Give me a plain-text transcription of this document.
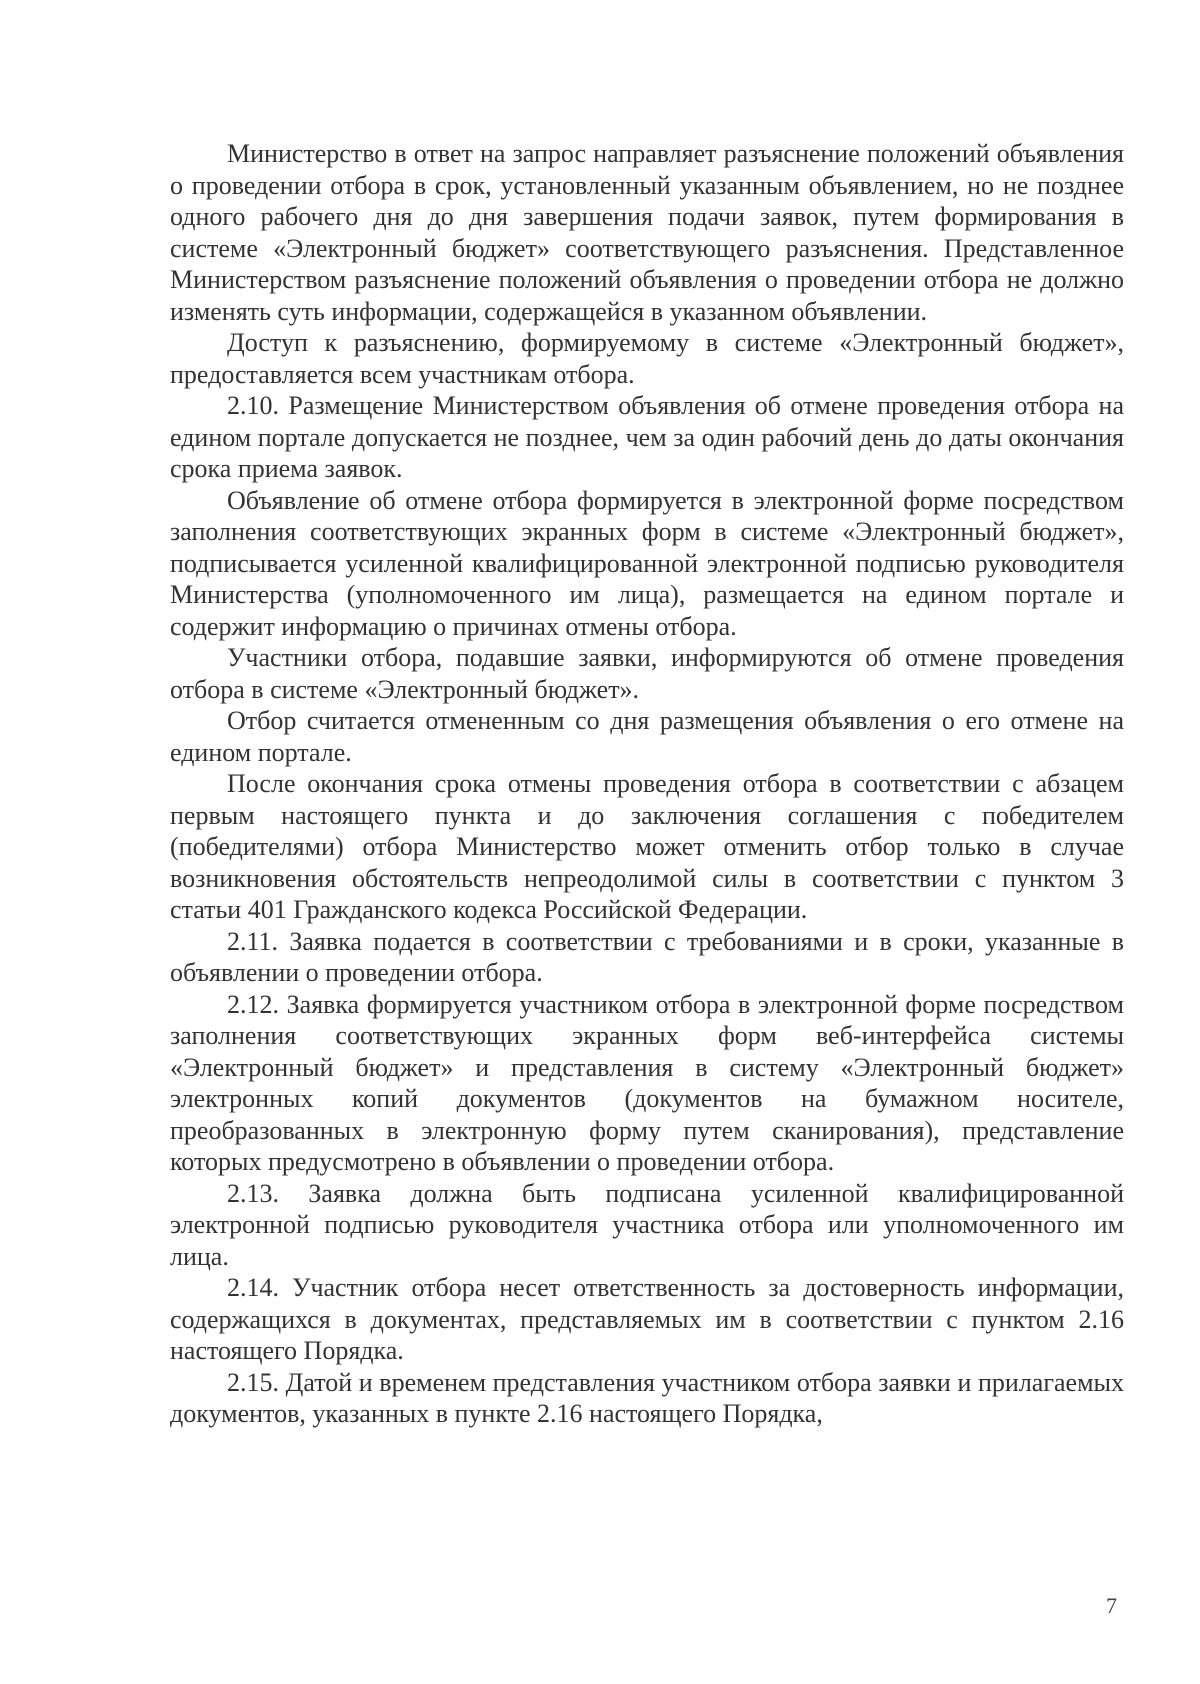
Министерство в ответ на запрос направляет разъяснение положений объявления о проведении отбора в срок, установленный указанным объявлением, но не позднее одного рабочего дня до дня завершения подачи заявок, путем формирования в системе «Электронный бюджет» соответствующего разъяснения. Представленное Министерством разъяснение положений объявления о проведении отбора не должно изменять суть информации, содержащейся в указанном объявлении.

Доступ к разъяснению, формируемому в системе «Электронный бюджет», предоставляется всем участникам отбора.

2.10. Размещение Министерством объявления об отмене проведения отбора на едином портале допускается не позднее, чем за один рабочий день до даты окончания срока приема заявок.

Объявление об отмене отбора формируется в электронной форме посредством заполнения соответствующих экранных форм в системе «Электронный бюджет», подписывается усиленной квалифицированной электронной подписью руководителя Министерства (уполномоченного им лица), размещается на едином портале и содержит информацию о причинах отмены отбора.

Участники отбора, подавшие заявки, информируются об отмене проведения отбора в системе «Электронный бюджет».

Отбор считается отмененным со дня размещения объявления о его отмене на едином портале.

После окончания срока отмены проведения отбора в соответствии с абзацем первым настоящего пункта и до заключения соглашения с победителем (победителями) отбора Министерство может отменить отбор только в случае возникновения обстоятельств непреодолимой силы в соответствии с пунктом 3 статьи 401 Гражданского кодекса Российской Федерации.

2.11. Заявка подается в соответствии с требованиями и в сроки, указанные в объявлении о проведении отбора.

2.12. Заявка формируется участником отбора в электронной форме посредством заполнения соответствующих экранных форм веб-интерфейса системы «Электронный бюджет» и представления в систему «Электронный бюджет» электронных копий документов (документов на бумажном носителе, преобразованных в электронную форму путем сканирования), представление которых предусмотрено в объявлении о проведении отбора.

2.13. Заявка должна быть подписана усиленной квалифицированной электронной подписью руководителя участника отбора или уполномоченного им лица.

2.14. Участник отбора несет ответственность за достоверность информации, содержащихся в документах, представляемых им в соответствии с пунктом 2.16 настоящего Порядка.

2.15. Датой и временем представления участником отбора заявки и прилагаемых документов, указанных в пункте 2.16 настоящего Порядка,

7
